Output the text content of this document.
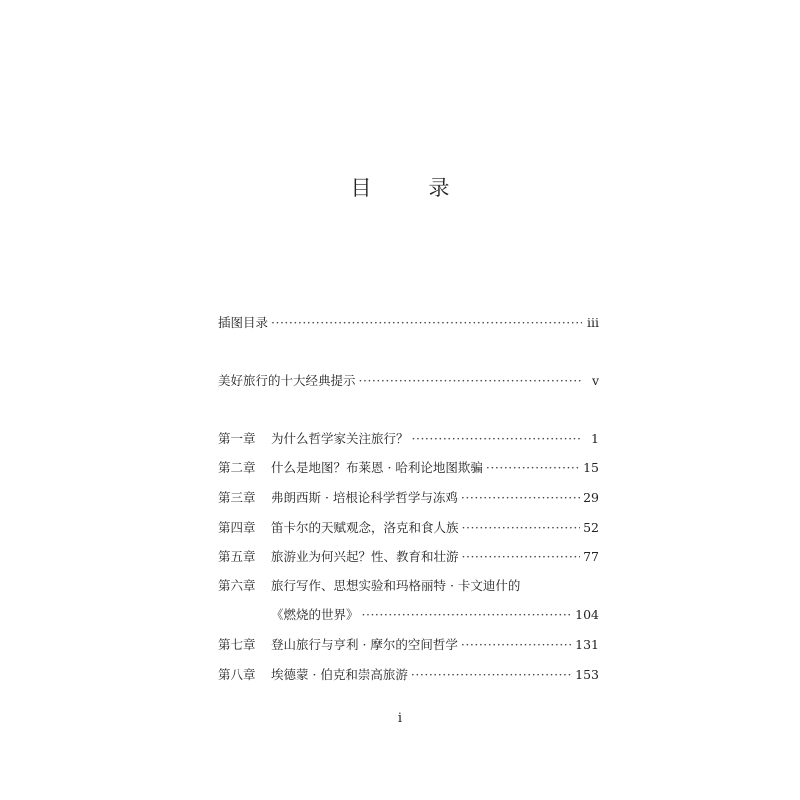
目　录
插图目录 ·····	iii
美好旅行的十大经典提示 ·····	v
第一章	为什么哲学家关注旅行？ ·····	1
第二章	什么是地图？布莱恩 · 哈利论地图欺骗 ·····	15
第三章	弗朗西斯 · 培根论科学哲学与冻鸡 ·····	29
第四章	笛卡尔的天赋观念，洛克和食人族 ·····	52
第五章	旅游业为何兴起？性、教育和壮游 ·····	77
第六章	旅行写作、思想实验和玛格丽特 · 卡文迪什的
《燃烧的世界》 ·····	104
第七章	登山旅行与亨利 · 摩尔的空间哲学 ·····	131
第八章	埃德蒙 · 伯克和崇高旅游 ·····	153
i
